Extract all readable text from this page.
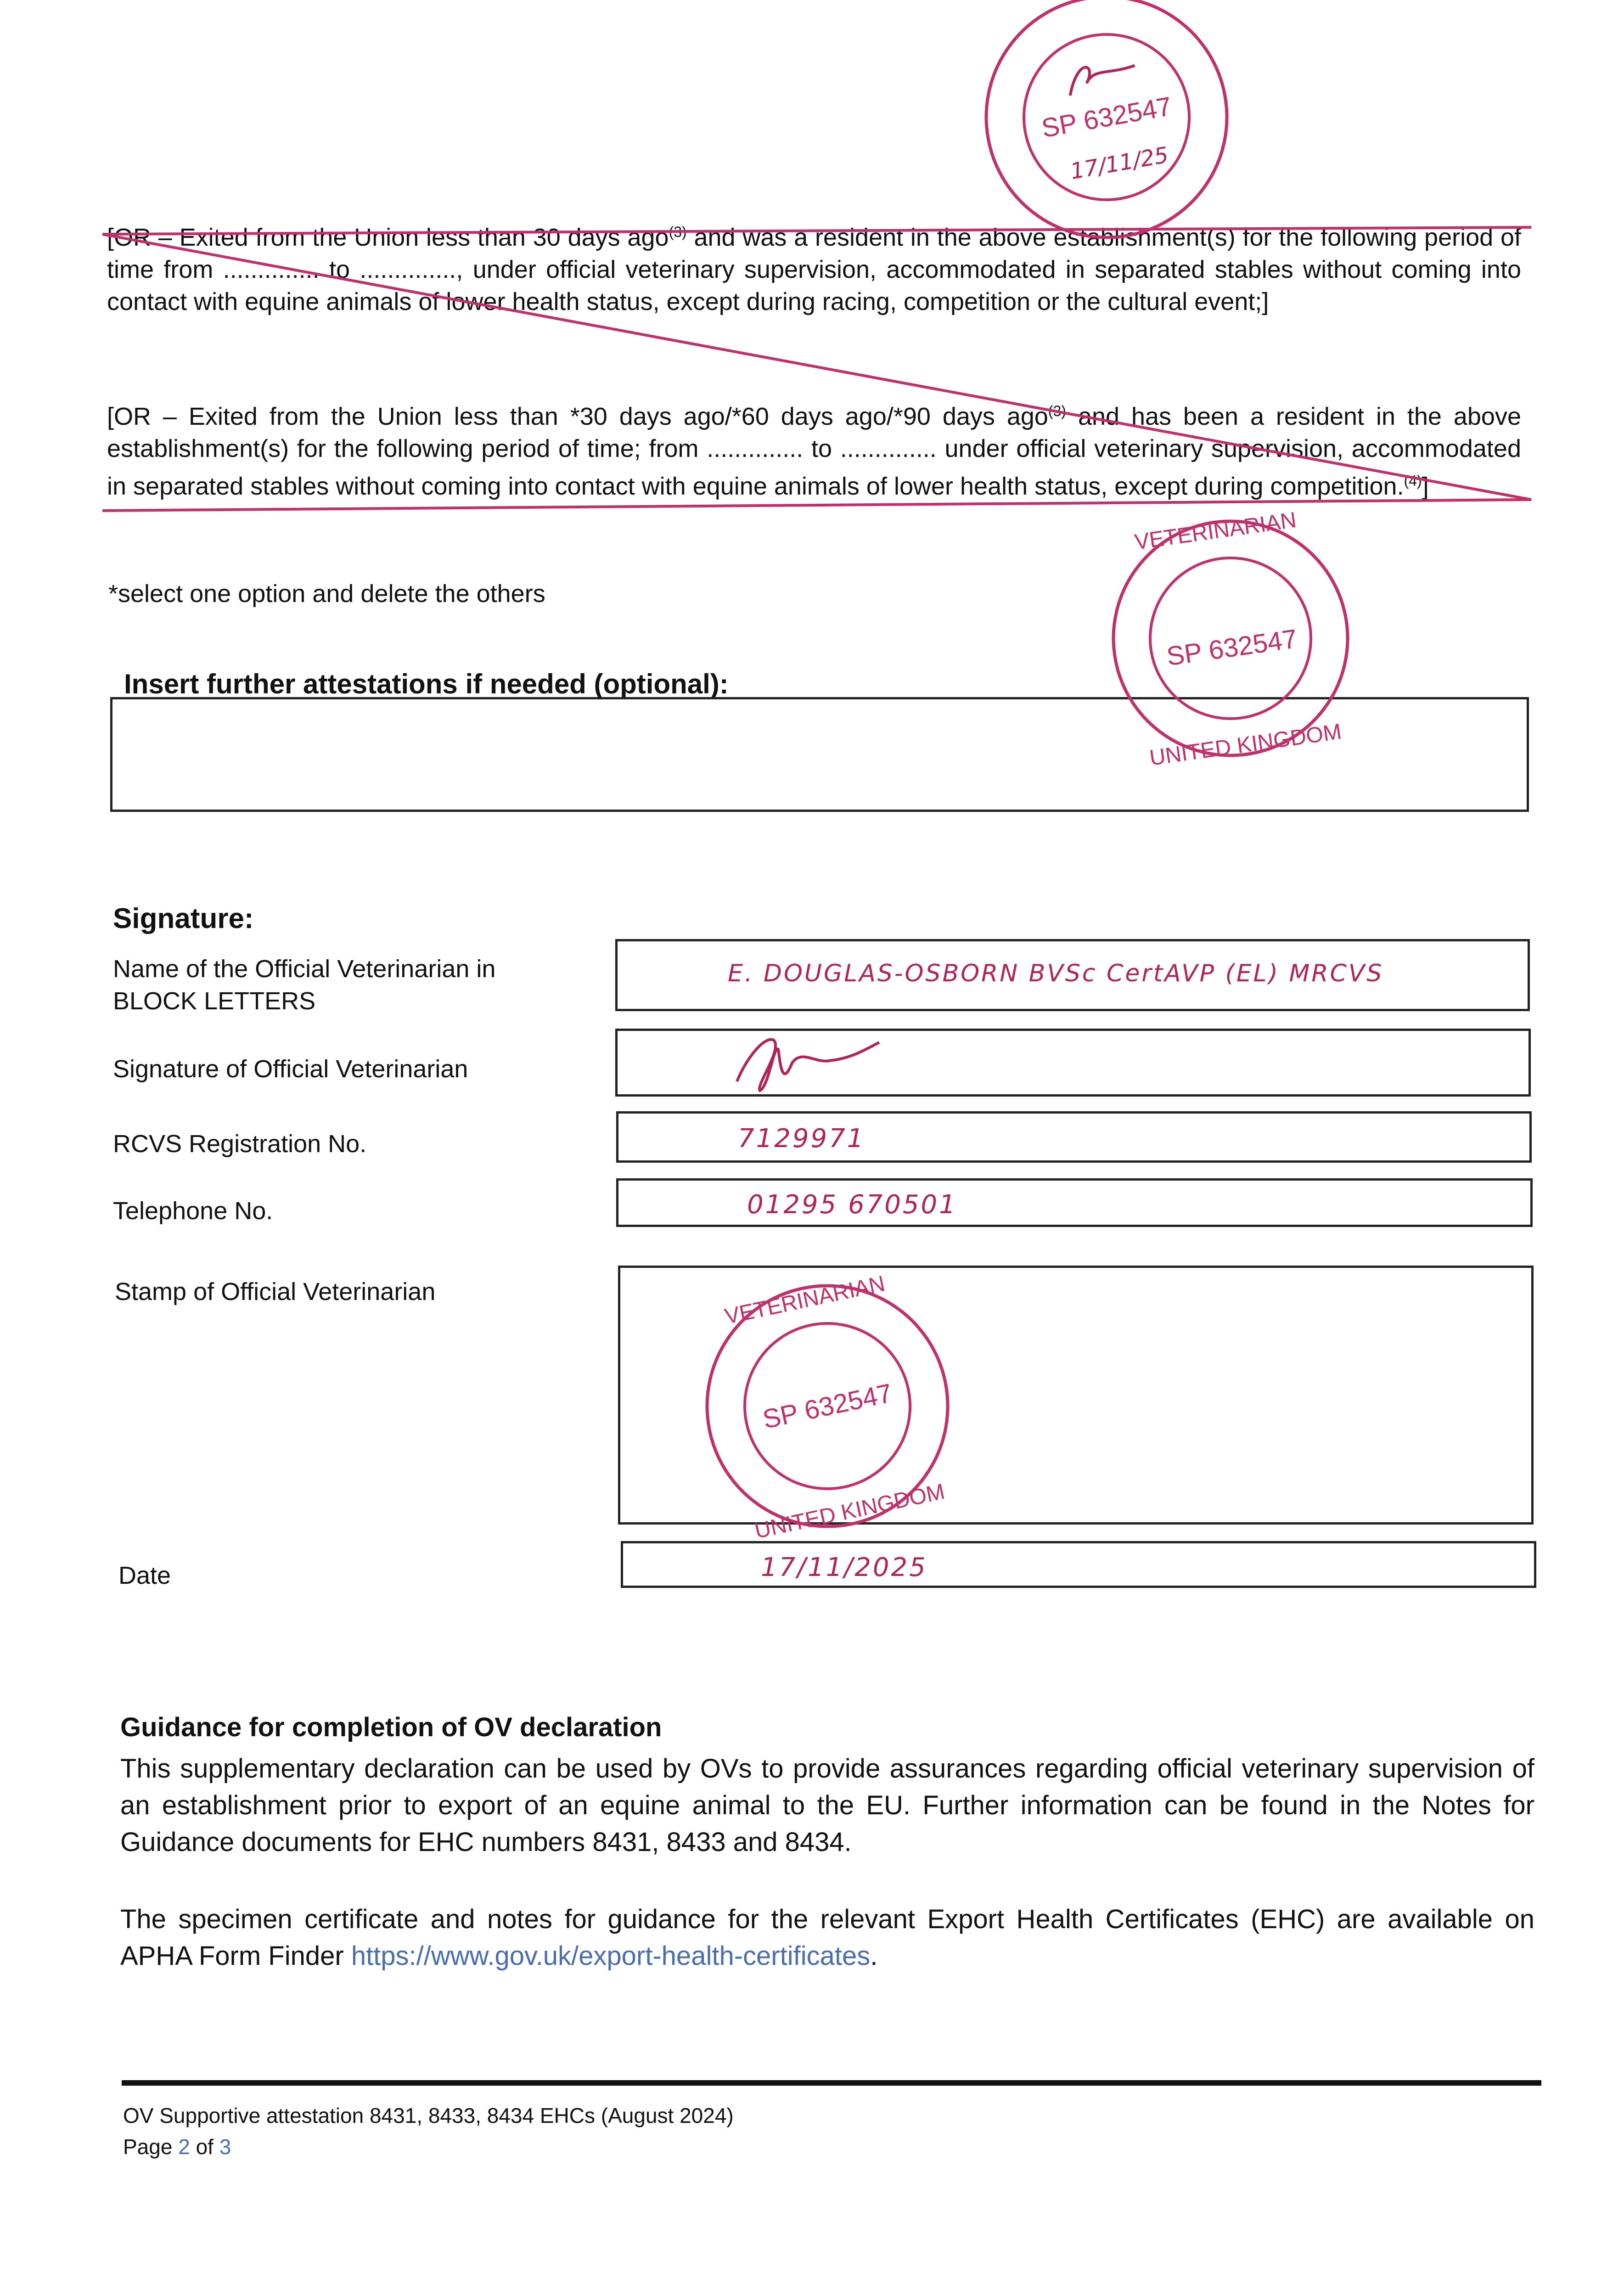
[OR – Exited from the Union less than 30 days ago$^{(3)}$ and was a resident in the above establishment(s) for the following period of time from .............. to .............., under official veterinary supervision, accommodated in separated stables without coming into contact with equine animals of lower health status, except during racing, competition or the cultural event;]
[OR – Exited from the Union less than *30 days ago/*60 days ago/*90 days ago$^{(3)}$ and has been a resident in the above establishment(s) for the following period of time; from .............. to .............. under official veterinary supervision, accommodated in separated stables without coming into contact with equine animals of lower health status, except during competition.$^{(4)}$]
*select one option and delete the others
Insert further attestations if needed (optional):
Signature:
Name of the Official Veterinarian in
BLOCK LETTERS
E. DOUGLAS-OSBORN BVSc CertAVP (EL) MRCVS
Signature of Official Veterinarian
RCVS Registration No.	7129971
Telephone No.	01295 670501
Stamp of Official Veterinarian
Date	17/11/2025
Guidance for completion of OV declaration
This supplementary declaration can be used by OVs to provide assurances regarding official veterinary supervision of an establishment prior to export of an equine animal to the EU. Further information can be found in the Notes for Guidance documents for EHC numbers 8431, 8433 and 8434.
The specimen certificate and notes for guidance for the relevant Export Health Certificates (EHC) are available on APHA Form Finder https://www.gov.uk/export-health-certificates.
OV Supportive attestation 8431, 8433, 8434 EHCs (August 2024)
Page 2 of 3
SP 632547
17/11/25
SP 632547
VETERINARIAN
UNITED KINGDOM
SP 632547
VETERINARIAN
UNITED KINGDOM
